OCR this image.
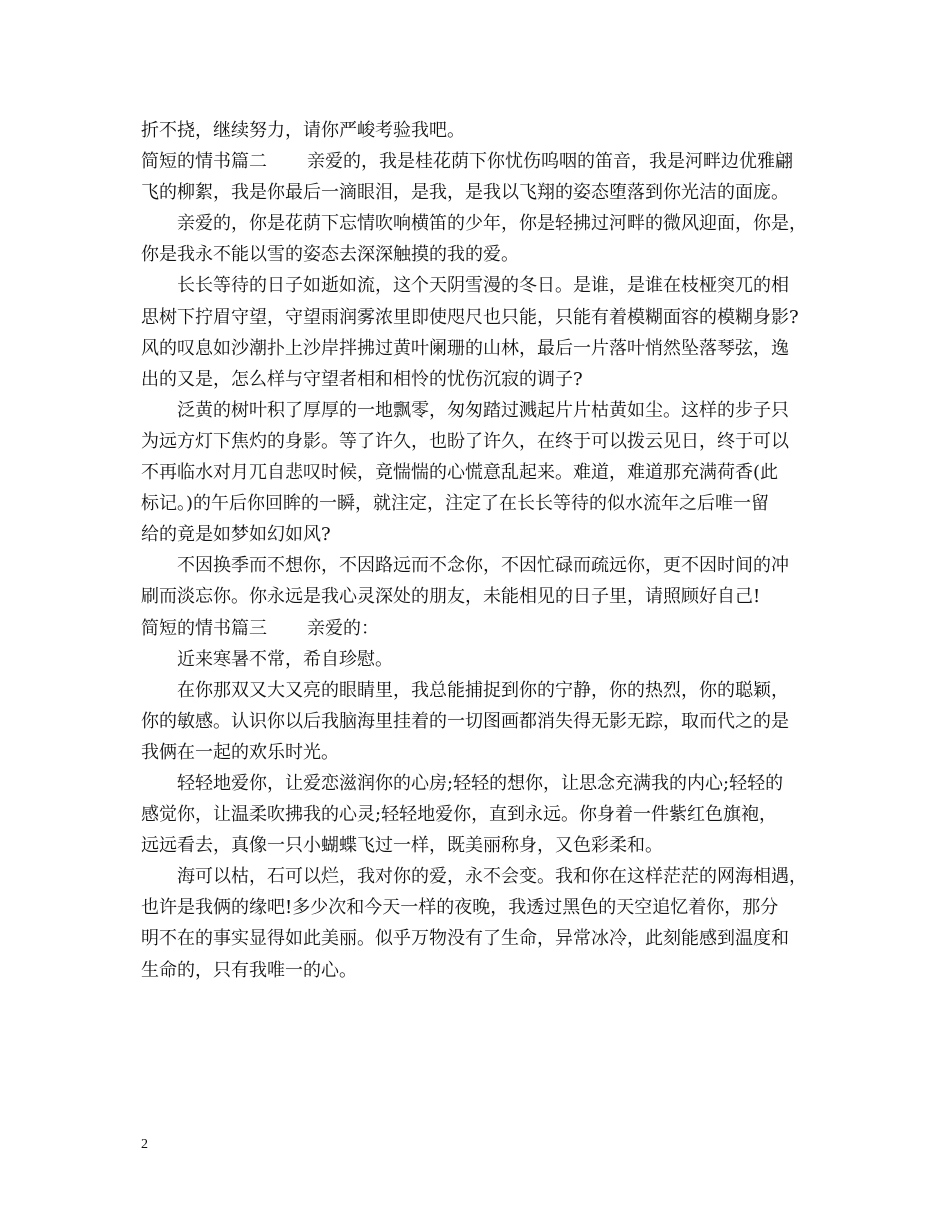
折不挠，继续努力，请你严峻考验我吧。
简短的情书篇二 亲爱的，我是桂花荫下你忧伤呜咽的笛音，我是河畔边优雅翩
飞的柳絮，我是你最后一滴眼泪，是我，是我以飞翔的姿态堕落到你光洁的面庞。
亲爱的，你是花荫下忘情吹响横笛的少年，你是轻拂过河畔的微风迎面，你是，
你是我永不能以雪的姿态去深深触摸的我的爱。
长长等待的日子如逝如流，这个天阴雪漫的冬日。是谁，是谁在枝桠突兀的相
思树下拧眉守望，守望雨润雾浓里即使咫尺也只能，只能有着模糊面容的模糊身影?
风的叹息如沙潮扑上沙岸拌拂过黄叶阑珊的山林，最后一片落叶悄然坠落琴弦，逸
出的又是，怎么样与守望者相和相怜的忧伤沉寂的调子?
泛黄的树叶积了厚厚的一地飘零，匆匆踏过溅起片片枯黄如尘。这样的步子只
为远方灯下焦灼的身影。等了许久，也盼了许久，在终于可以拨云见日，终于可以
不再临水对月兀自悲叹时候，竟惴惴的心慌意乱起来。难道，难道那充满荷香(此
标记。)的午后你回眸的一瞬，就注定，注定了在长长等待的似水流年之后唯一留
给的竟是如梦如幻如风?
不因换季而不想你，不因路远而不念你，不因忙碌而疏远你，更不因时间的冲
刷而淡忘你。你永远是我心灵深处的朋友，未能相见的日子里，请照顾好自己!
简短的情书篇三 亲爱的：
近来寒暑不常，希自珍慰。
在你那双又大又亮的眼睛里，我总能捕捉到你的宁静，你的热烈，你的聪颖，
你的敏感。认识你以后我脑海里挂着的一切图画都消失得无影无踪，取而代之的是
我俩在一起的欢乐时光。
轻轻地爱你，让爱恋滋润你的心房;轻轻的想你，让思念充满我的内心;轻轻的
感觉你，让温柔吹拂我的心灵;轻轻地爱你，直到永远。你身着一件紫红色旗袍，
远远看去，真像一只小蝴蝶飞过一样，既美丽称身，又色彩柔和。
海可以枯，石可以烂，我对你的爱，永不会变。我和你在这样茫茫的网海相遇，
也许是我俩的缘吧!多少次和今天一样的夜晚，我透过黑色的天空追忆着你，那分
明不在的事实显得如此美丽。似乎万物没有了生命，异常冰冷，此刻能感到温度和
生命的，只有我唯一的心。
2
